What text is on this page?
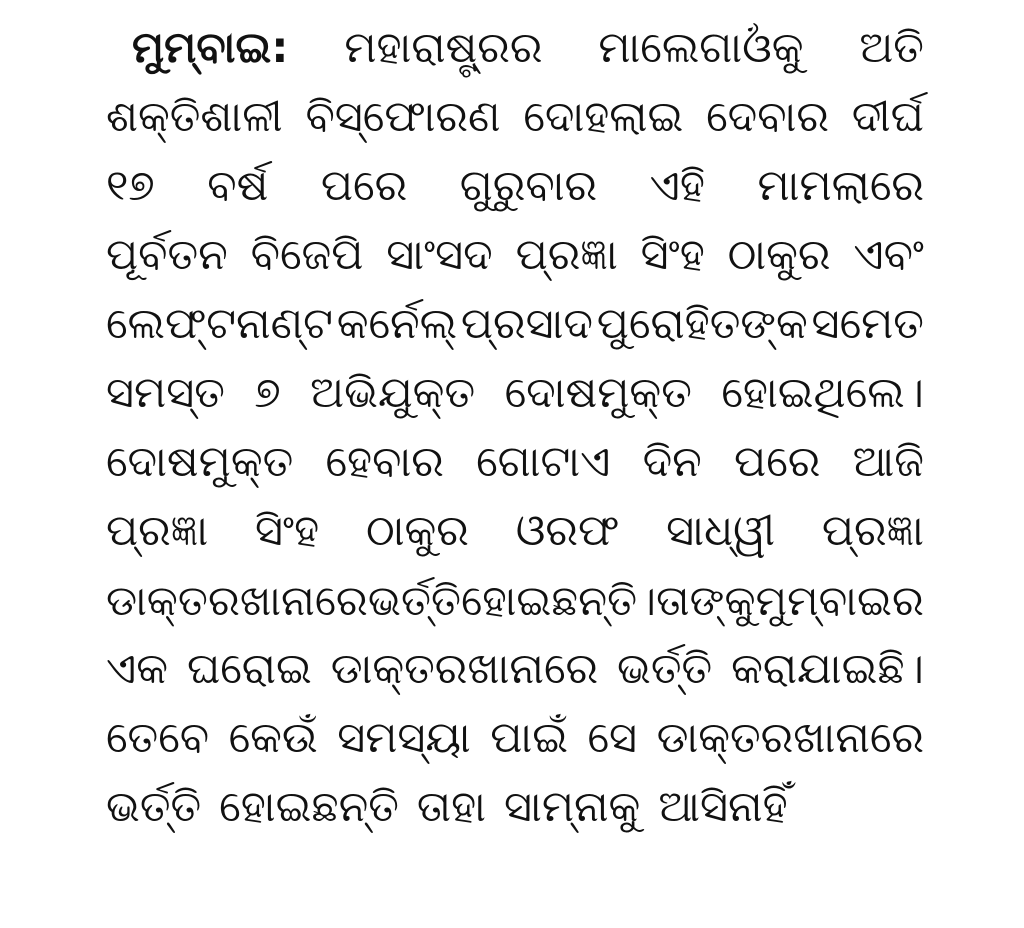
ମୁମ୍ବାଇ: ମହାରାଷ୍ଟ୍ରର ମାଲେଗାଓଁକୁ ଅତି
ଶକ୍ତିଶାଳୀ ବିସ୍ଫୋରଣ ଦୋହଲାଇ ଦେବାର ଦୀର୍ଘ
୧୭ ବର୍ଷ ପରେ ଗୁରୁବାର ଏହି ମାମଲାରେ
ପୂର୍ବତନ ବିଜେପି ସାଂସଦ ପ୍ରଜ୍ଞା ସିଂହ ଠାକୁର ଏବଂ
ଲେଫ୍ଟନାଣ୍ଟ କର୍ନେଲ୍ ପ୍ରସାଦ ପୁରୋହିତଙ୍କ ସମେତ
ସମସ୍ତ ୭ ଅଭିଯୁକ୍ତ ଦୋଷମୁକ୍ତ ହୋଇଥିଲେ।
ଦୋଷମୁକ୍ତ ହେବାର ଗୋଟାଏ ଦିନ ପରେ ଆଜି
ପ୍ରଜ୍ଞା ସିଂହ ଠାକୁର ଓରଫ ସାଧ୍ୱୀ ପ୍ରଜ୍ଞା
ଡାକ୍ତରଖାନାରେ ଭର୍ତ୍ତି ହୋଇଛନ୍ତି। ତାଙ୍କୁ ମୁମ୍ବାଇର
ଏକ ଘରୋଇ ଡାକ୍ତରଖାନାରେ ଭର୍ତ୍ତି କରାଯାଇଛି।
ତେବେ କେଉଁ ସମସ୍ୟା ପାଇଁ ସେ ଡାକ୍ତରଖାନାରେ
ଭର୍ତ୍ତି ହୋଇଛନ୍ତି ତାହା ସାମ୍ନାକୁ ଆସିନାହିଁ
